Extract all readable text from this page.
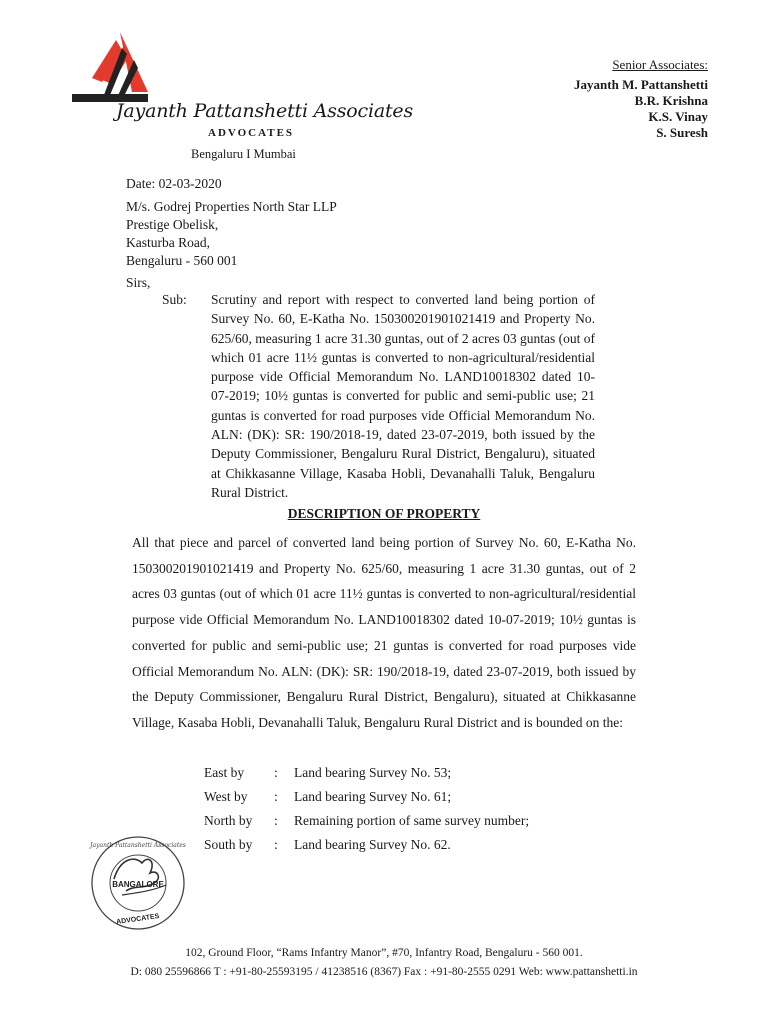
Jayanth Pattanshetti Associates
ADVOCATES
Bengaluru I Mumbai
Senior Associates:
Jayanth M. Pattanshetti
B.R. Krishna
K.S. Vinay
S. Suresh
Date: 02-03-2020
M/s. Godrej Properties North Star LLP
Prestige Obelisk,
Kasturba Road,
Bengaluru - 560 001
Sirs,
Sub: Scrutiny and report with respect to converted land being portion of Survey No. 60, E-Katha No. 150300201901021419 and Property No. 625/60, measuring 1 acre 31.30 guntas, out of 2 acres 03 guntas (out of which 01 acre 11½ guntas is converted to non-agricultural/residential purpose vide Official Memorandum No. LAND10018302 dated 10-07-2019; 10½ guntas is converted for public and semi-public use; 21 guntas is converted for road purposes vide Official Memorandum No. ALN: (DK): SR: 190/2018-19, dated 23-07-2019, both issued by the Deputy Commissioner, Bengaluru Rural District, Bengaluru), situated at Chikkasanne Village, Kasaba Hobli, Devanahalli Taluk, Bengaluru Rural District.
DESCRIPTION OF PROPERTY
All that piece and parcel of converted land being portion of Survey No. 60, E-Katha No. 150300201901021419 and Property No. 625/60, measuring 1 acre 31.30 guntas, out of 2 acres 03 guntas (out of which 01 acre 11½ guntas is converted to non-agricultural/residential purpose vide Official Memorandum No. LAND10018302 dated 10-07-2019; 10½ guntas is converted for public and semi-public use; 21 guntas is converted for road purposes vide Official Memorandum No. ALN: (DK): SR: 190/2018-19, dated 23-07-2019, both issued by the Deputy Commissioner, Bengaluru Rural District, Bengaluru), situated at Chikkasanne Village, Kasaba Hobli, Devanahalli Taluk, Bengaluru Rural District and is bounded on the:
East by : Land bearing Survey No. 53;
West by : Land bearing Survey No. 61;
North by : Remaining portion of same survey number;
South by : Land bearing Survey No. 62.
BANGALORE
ADVOCATES
Jayanth Pattanshetti Associates
102, Ground Floor, “Rams Infantry Manor”, #70, Infantry Road, Bengaluru - 560 001.
D: 080 25596866 T : +91-80-25593195 / 41238516 (8367) Fax : +91-80-2555 0291 Web: www.pattanshetti.in
